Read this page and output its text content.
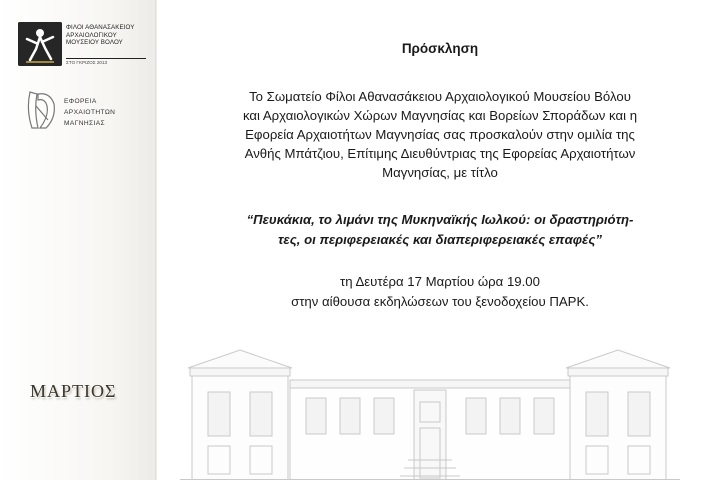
ΦΙΛΟΙ ΑΘΑΝΑΣΑΚΕΙΟΥ
ΑΡΧΑΙΟΛΟΓΙΚΟΥ
ΜΟΥΣΕΙΟΥ ΒΟΛΟΥ
ΣΤΟ ΓΚΡΙΖΟΣ 2013
ΕΦΟΡΕΙΑ
ΑΡΧΑΙΟΤΗΤΩΝ
ΜΑΓΝΗΣΙΑΣ
ΜΑΡΤΙΟΣ
Πρόσκληση
Το Σωματείο Φίλοι Αθανασάκειου Αρχαιολογικού Μουσείου Βόλου
και Αρχαιολογικών Χώρων Μαγνησίας και Βορείων Σποράδων και η
Εφορεία Αρχαιοτήτων Μαγνησίας σας προσκαλούν στην ομιλία της
Ανθής Μπάτζιου, Επίτιμης Διευθύντριας της Εφορείας Αρχαιοτήτων
Μαγνησίας, με τίτλο
“Πευκάκια, το λιμάνι της Μυκηναϊκής Ιωλκού: οι δραστηριότη-
τες, οι περιφερειακές και διαπεριφερειακές επαφές”
τη Δευτέρα 17 Μαρτίου ώρα 19.00
στην αίθουσα εκδηλώσεων του ξενοδοχείου ΠΑΡΚ.
